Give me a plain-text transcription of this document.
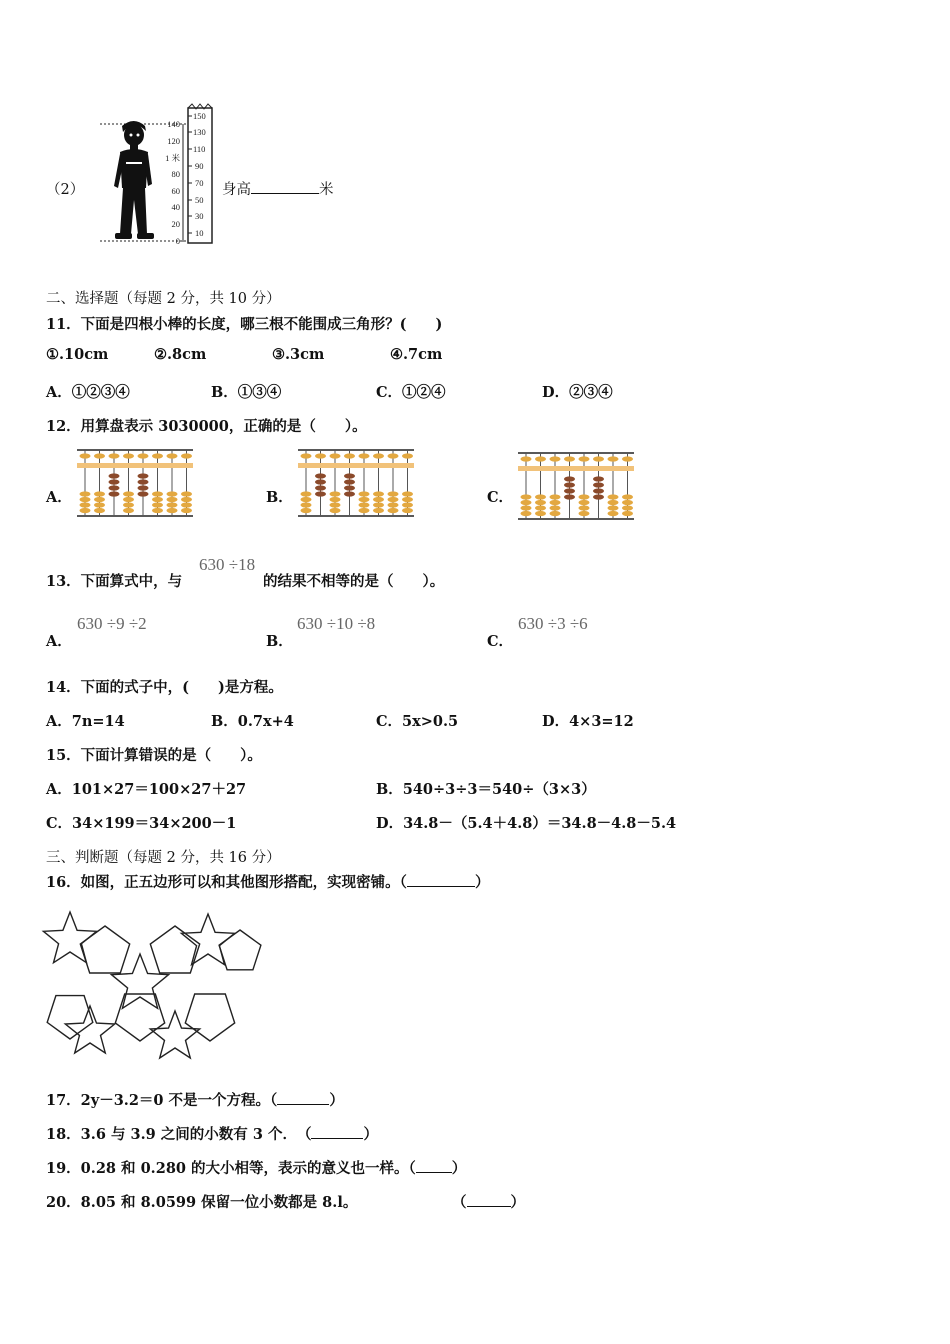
（2）
150
130
110
90
70
50
30
10
140
120
1 米
80
60
40
20
0
身高	米
二、选择题（每题 2 分，共 10 分）
11．下面是四根小棒的长度，哪三根不能围成三角形？(　　)
①.10cm	②.8cm	③.3cm	④.7cm
A．①②③④	B．①③④	C．①②④	D．②③④
12．用算盘表示 3030000，正确的是（　　）。
A．	B．	C．
13．下面算式中，与
630 ÷18
的结果不相等的是（　　）。
A．
630 ÷9 ÷2
B．
630 ÷10 ÷8
C．
630 ÷3 ÷6
14．下面的式子中，(　　)是方程。
A．7n=14	B．0.7x+4	C．5x>0.5	D．4×3=12
15．下面计算错误的是（　　）。
A．101×27＝100×27＋27	B．540÷3÷3＝540÷（3×3）
C．34×199＝34×200－1	D．34.8－（5.4＋4.8）＝34.8－4.8－5.4
三、判断题（每题 2 分，共 16 分）
16．如图，正五边形可以和其他图形搭配，实现密铺。（	）
17．2y－3.2＝0 不是一个方程。（	）
18．3.6 与 3.9 之间的小数有 3 个．　（	）
19．0.28 和 0.280 的大小相等，表示的意义也一样。（ ）
20．8.05 和 8.0599 保留一位小数都是 8.l。	（	）
